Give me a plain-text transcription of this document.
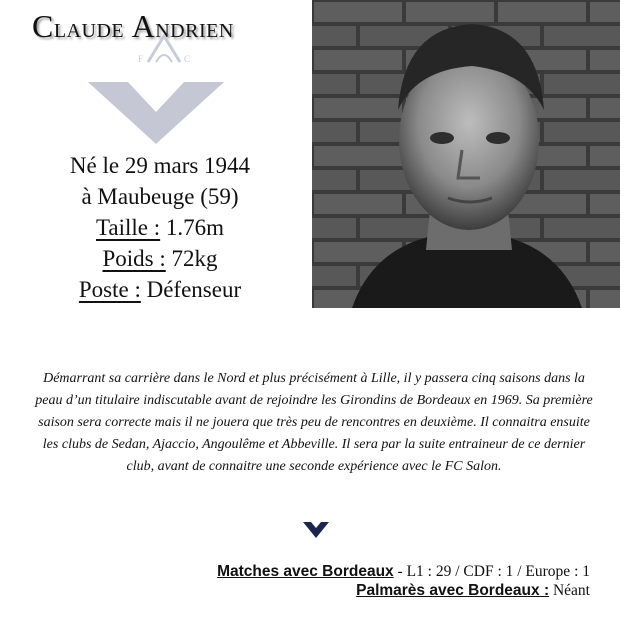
Claude Andrien
F	C
Né le 29 mars 1944
à Maubeuge (59)
Taille : 1.76m
Poids : 72kg
Poste : Défenseur
Démarrant sa carrière dans le Nord et plus précisément à Lille, il y passera cinq saisons dans la peau d’un titulaire indiscutable avant de rejoindre les Girondins de Bordeaux en 1969. Sa première saison sera correcte mais il ne jouera que très peu de rencontres en deuxième. Il connaitra ensuite les clubs de Sedan, Ajaccio, Angoulême et Abbeville. Il sera par la suite entraineur de ce dernier club, avant de connaitre une seconde expérience avec le FC Salon.
Matches avec Bordeaux - L1 : 29 / CDF : 1 / Europe : 1
Palmarès avec Bordeaux : Néant
